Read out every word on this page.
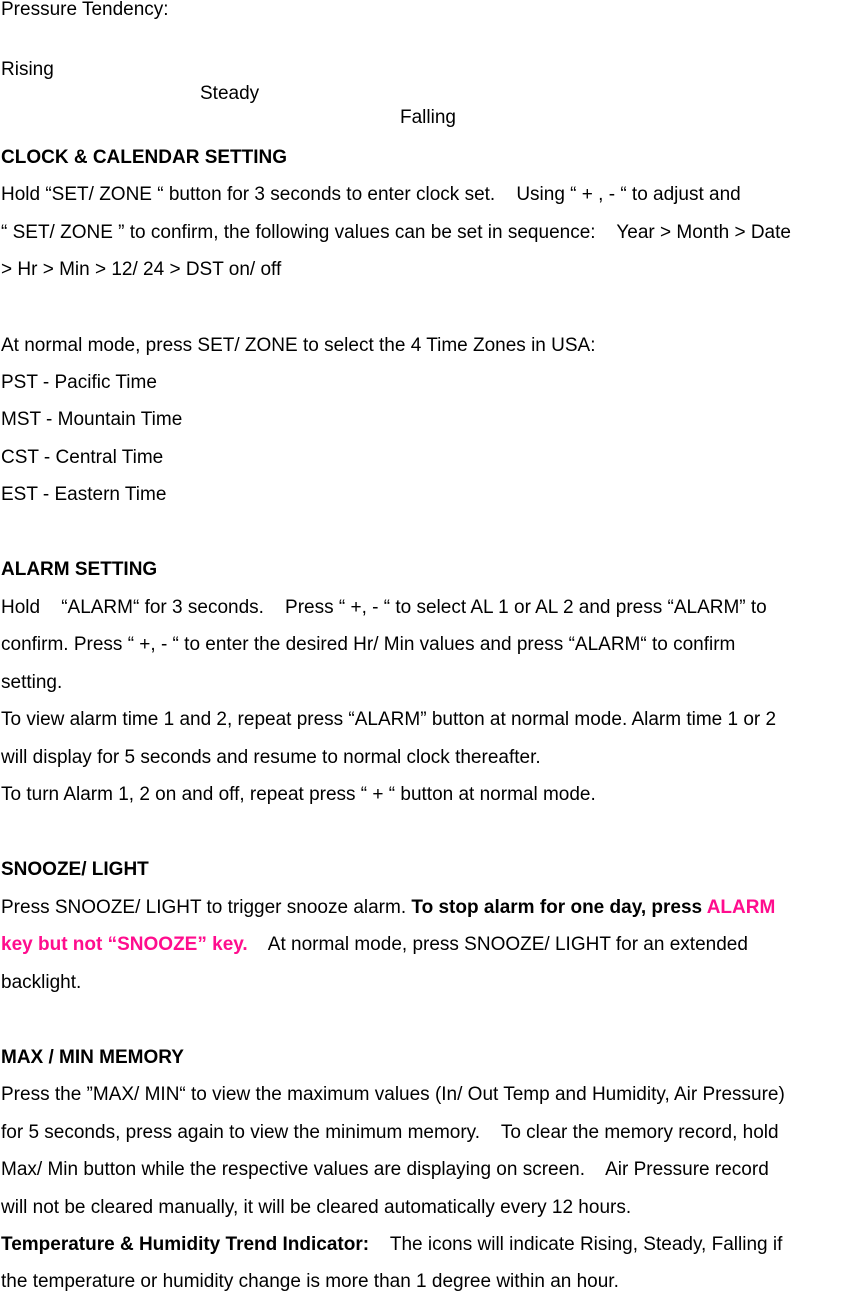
Pressure Tendency:

Rising

Steady

Falling

CLOCK & CALENDAR SETTING
Hold “SET/ ZONE “ button for 3 seconds to enter clock set.    Using “ + , - “ to adjust and
“ SET/ ZONE ” to confirm, the following values can be set in sequence:    Year > Month > Date
> Hr > Min > 12/ 24 > DST on/ off
At normal mode, press SET/ ZONE to select the 4 Time Zones in USA:
PST - Pacific Time
MST - Mountain Time
CST - Central Time
EST - Eastern Time
ALARM SETTING
Hold    “ALARM“ for 3 seconds.    Press “ +, - “ to select AL 1 or AL 2 and press “ALARM” to
confirm. Press “ +, - “ to enter the desired Hr/ Min values and press “ALARM“ to confirm
setting.
To view alarm time 1 and 2, repeat press “ALARM” button at normal mode. Alarm time 1 or 2
will display for 5 seconds and resume to normal clock thereafter.
To turn Alarm 1, 2 on and off, repeat press “ + “ button at normal mode.
SNOOZE/ LIGHT
Press SNOOZE/ LIGHT to trigger snooze alarm. To stop alarm for one day, press ALARM
key but not “SNOOZE” key.    At normal mode, press SNOOZE/ LIGHT for an extended
backlight.
MAX / MIN MEMORY
Press the ”MAX/ MIN“ to view the maximum values (In/ Out Temp and Humidity, Air Pressure)
for 5 seconds, press again to view the minimum memory.    To clear the memory record, hold
Max/ Min button while the respective values are displaying on screen.    Air Pressure record
will not be cleared manually, it will be cleared automatically every 12 hours.
Temperature & Humidity Trend Indicator:    The icons will indicate Rising, Steady, Falling if
the temperature or humidity change is more than 1 degree within an hour.
